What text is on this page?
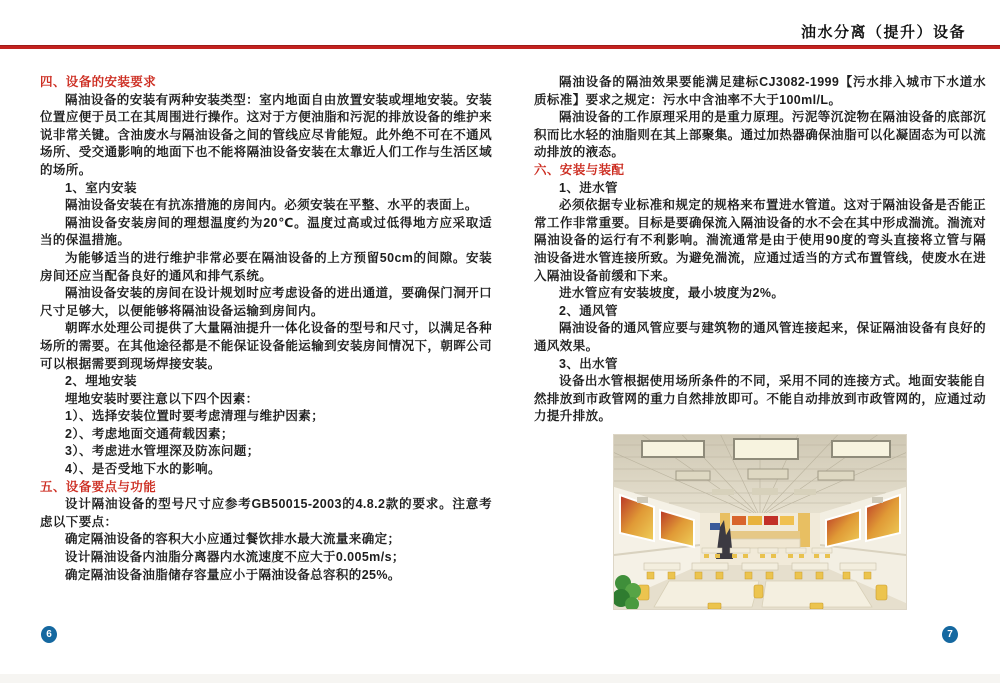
油水分离（提升）设备

四、设备的安装要求

隔油设备的安装有两种安装类型：室内地面自由放置安装或埋地安装。安装位置应便于员工在其周围进行操作。这对于方便油脂和污泥的排放设备的维护来说非常关键。含油废水与隔油设备之间的管线应尽肯能短。此外绝不可在不通风场所、受交通影响的地面下也不能将隔油设备安装在太靠近人们工作与生活区域的场所。

1、室内安装

隔油设备安装在有抗冻措施的房间内。必须安装在平整、水平的表面上。

隔油设备安装房间的理想温度约为20℃。温度过高或过低得地方应采取适当的保温措施。

为能够适当的进行维护非常必要在隔油设备的上方预留50cm的间隙。安装房间还应当配备良好的通风和排气系统。

隔油设备安装的房间在设计规划时应考虑设备的进出通道，要确保门洞开口尺寸足够大，以便能够将隔油设备运输到房间内。

朝晖水处理公司提供了大量隔油提升一体化设备的型号和尺寸，以满足各种场所的需要。在其他途径都是不能保证设备能运输到安装房间情况下，朝晖公司可以根据需要到现场焊接安装。

2、埋地安装

埋地安装时要注意以下四个因素：

1）、选择安装位置时要考虑清理与维护因素；

2）、考虑地面交通荷载因素；

3）、考虑进水管埋深及防冻问题；

4）、是否受地下水的影响。

五、设备要点与功能

设计隔油设备的型号尺寸应参考GB50015-2003的4.8.2款的要求。注意考虑以下要点：

确定隔油设备的容积大小应通过餐饮排水最大流量来确定；

设计隔油设备内油脂分离器内水流速度不应大于0.005m/s；

确定隔油设备油脂储存容量应小于隔油设备总容积的25%。

隔油设备的隔油效果要能满足建标CJ3082-1999【污水排入城市下水道水质标准】要求之规定：污水中含油率不大于100ml/L。

隔油设备的工作原理采用的是重力原理。污泥等沉淀物在隔油设备的底部沉积而比水轻的油脂则在其上部聚集。通过加热器确保油脂可以化凝固态为可以流动排放的液态。

六、安装与装配

1、进水管

必须依据专业标准和规定的规格来布置进水管道。这对于隔油设备是否能正常工作非常重要。目标是要确保流入隔油设备的水不会在其中形成湍流。湍流对隔油设备的运行有不利影响。湍流通常是由于使用90度的弯头直接将立管与隔油设备进水管连接所致。为避免湍流，应通过适当的方式布置管线，使废水在进入隔油设备前缓和下来。

进水管应有安装坡度，最小坡度为2%。

2、通风管

隔油设备的通风管应要与建筑物的通风管连接起来，保证隔油设备有良好的通风效果。

3、出水管

设备出水管根据使用场所条件的不同，采用不同的连接方式。地面安装能自然排放到市政管网的重力自然排放即可。不能自动排放到市政管网的，应通过动力提升排放。

6	7
